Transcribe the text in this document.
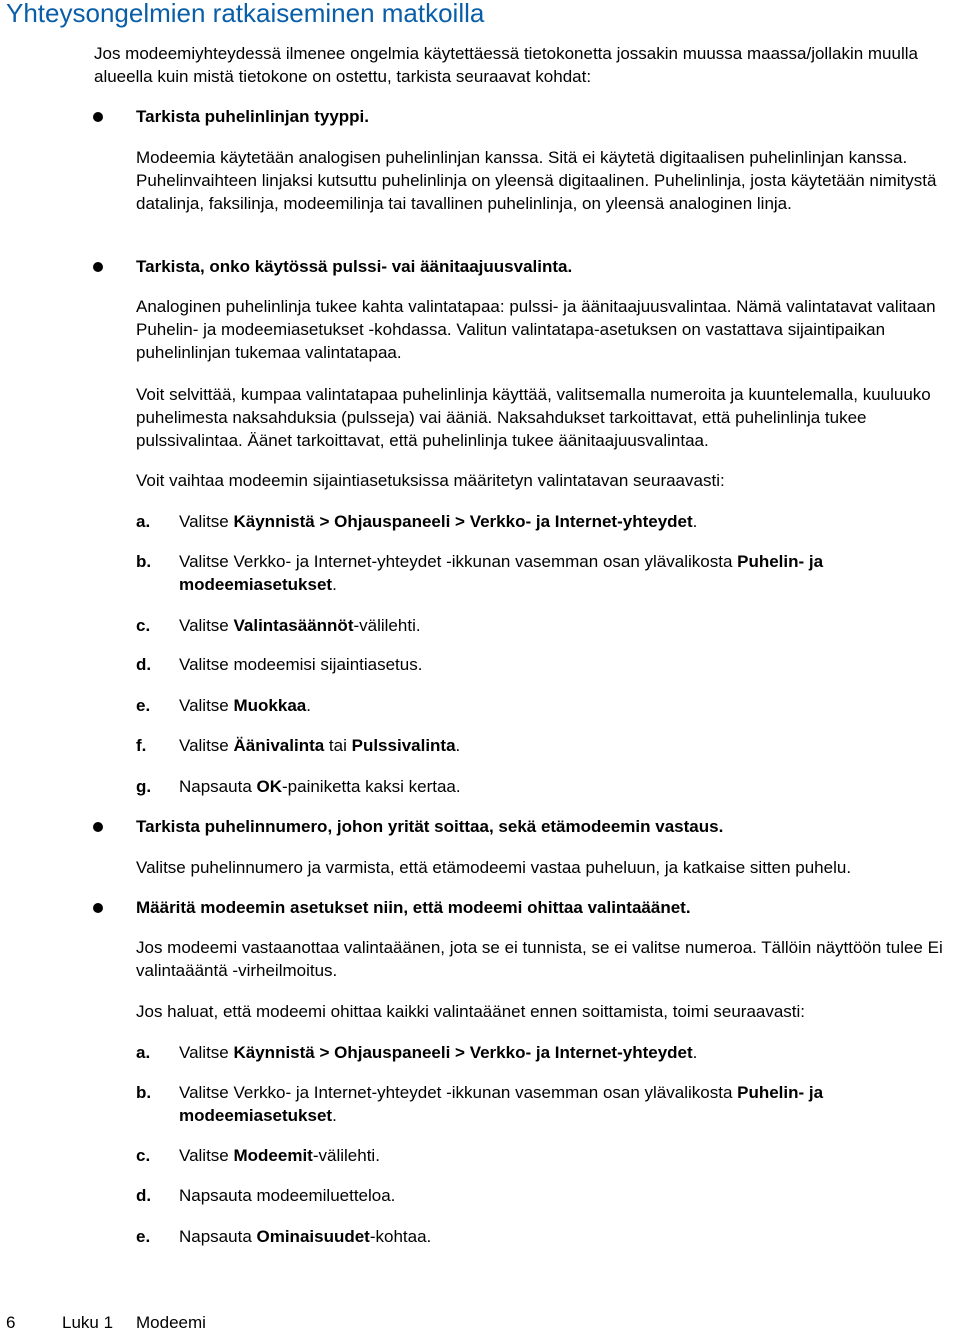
Yhteysongelmien ratkaiseminen matkoilla

Jos modeemiyhteydessä ilmenee ongelmia käytettäessä tietokonetta jossakin muussa maassa/jollakin muulla alueella kuin mistä tietokone on ostettu, tarkista seuraavat kohdat:

Tarkista puhelinlinjan tyyppi.

Modeemia käytetään analogisen puhelinlinjan kanssa. Sitä ei käytetä digitaalisen puhelinlinjan kanssa. Puhelinvaihteen linjaksi kutsuttu puhelinlinja on yleensä digitaalinen. Puhelinlinja, josta käytetään nimitystä datalinja, faksilinja, modeemilinja tai tavallinen puhelinlinja, on yleensä analoginen linja.

Tarkista, onko käytössä pulssi- vai äänitaajuusvalinta.

Analoginen puhelinlinja tukee kahta valintatapaa: pulssi- ja äänitaajuusvalintaa. Nämä valintatavat valitaan Puhelin- ja modeemiasetukset -kohdassa. Valitun valintatapa-asetuksen on vastattava sijaintipaikan puhelinlinjan tukemaa valintatapaa.

Voit selvittää, kumpaa valintatapaa puhelinlinja käyttää, valitsemalla numeroita ja kuuntelemalla, kuuluuko puhelimesta naksahduksia (pulsseja) vai ääniä. Naksahdukset tarkoittavat, että puhelinlinja tukee pulssivalintaa. Äänet tarkoittavat, että puhelinlinja tukee äänitaajuusvalintaa.

Voit vaihtaa modeemin sijaintiasetuksissa määritetyn valintatavan seuraavasti:

a. Valitse Käynnistä > Ohjauspaneeli > Verkko- ja Internet-yhteydet.
b. Valitse Verkko- ja Internet-yhteydet -ikkunan vasemman osan ylävalikosta Puhelin- ja modeemiasetukset.
c. Valitse Valintasäännöt-välilehti.
d. Valitse modeemisi sijaintiasetus.
e. Valitse Muokkaa.
f. Valitse Äänivalinta tai Pulssivalinta.
g. Napsauta OK-painiketta kaksi kertaa.

Tarkista puhelinnumero, johon yrität soittaa, sekä etämodeemin vastaus.

Valitse puhelinnumero ja varmista, että etämodeemi vastaa puheluun, ja katkaise sitten puhelu.

Määritä modeemin asetukset niin, että modeemi ohittaa valintaäänet.

Jos modeemi vastaanottaa valintaäänen, jota se ei tunnista, se ei valitse numeroa. Tällöin näyttöön tulee Ei valintaääntä -virheilmoitus.

Jos haluat, että modeemi ohittaa kaikki valintaäänet ennen soittamista, toimi seuraavasti:

a. Valitse Käynnistä > Ohjauspaneeli > Verkko- ja Internet-yhteydet.
b. Valitse Verkko- ja Internet-yhteydet -ikkunan vasemman osan ylävalikosta Puhelin- ja modeemiasetukset.
c. Valitse Modeemit-välilehti.
d. Napsauta modeemiluetteloa.
e. Napsauta Ominaisuudet-kohtaa.
6	Luku 1 Modeemi
